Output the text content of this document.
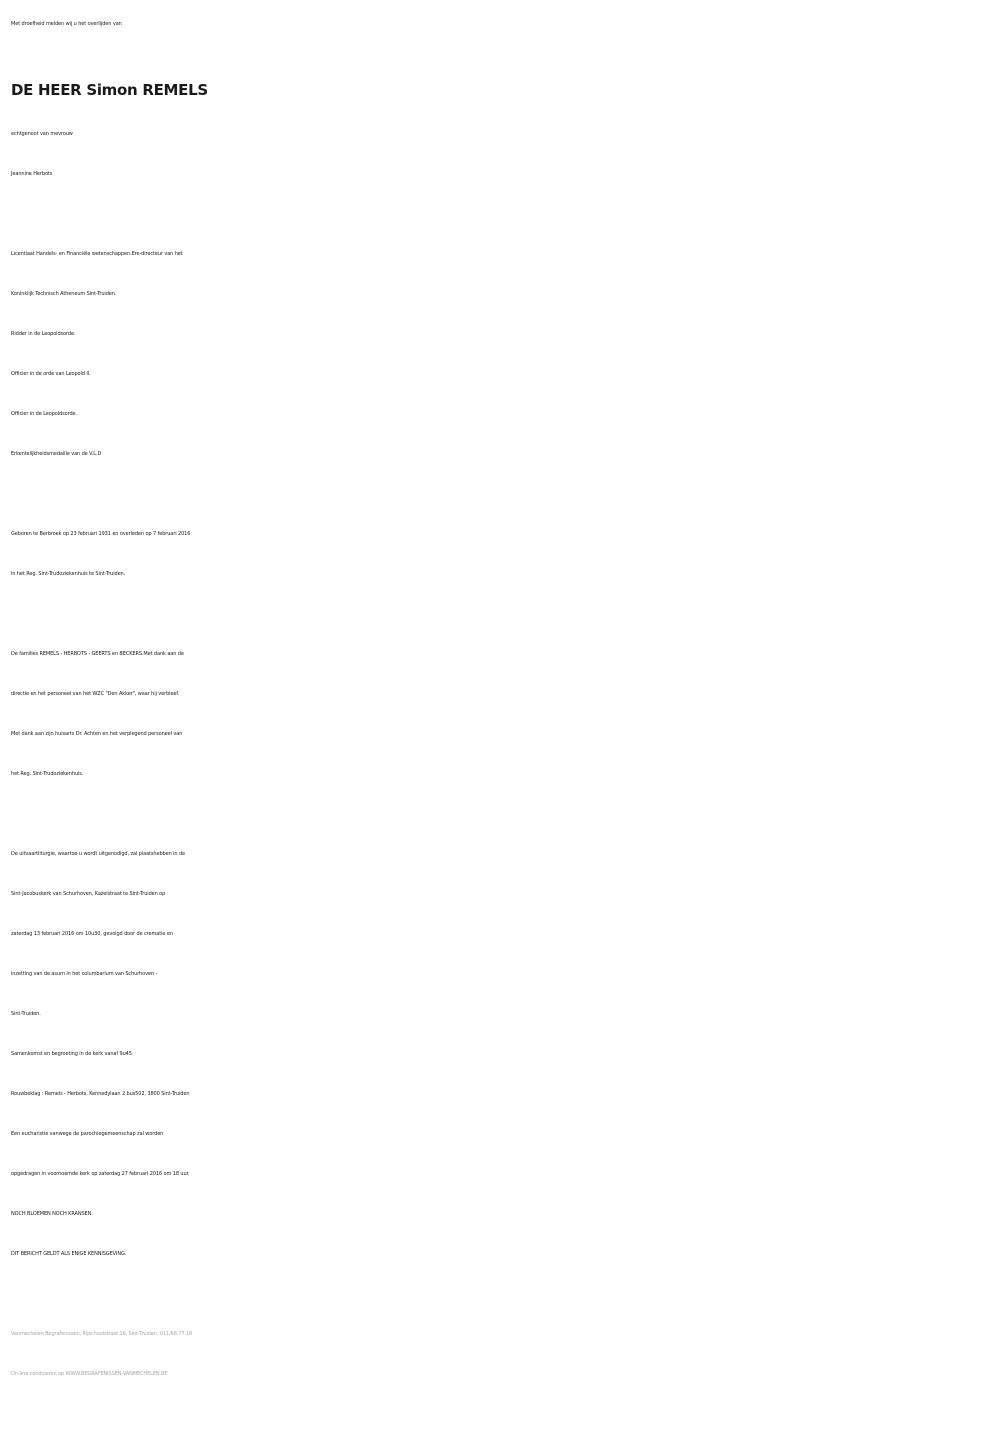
Met droefheid melden wij u het overlijden van
DE HEER Simon REMELS
echtgenoot van mevrouw
Jeannine Herbots
Licentiaat Handels- en Financiële wetenschappen.Ere-directeur van het
Koninklijk Technisch Atheneum Sint-Truiden.
Ridder in de Leopoldsorde.
Officier in de orde van Leopold II.
Officier in de Leopoldsorde.
Erkentelijkheidsmedaille van de V.L.D
Geboren te Berbroek op 23 februari 1931 en overleden op 7 februari 2016
in het Reg. Sint-Trudoziekenhuis te Sint-Truiden.
De families REMELS - HERBOTS - GEERTS en BECKERS.Met dank aan de
directie en het personeel van het WZC "Den Akker", waar hij verbleef.
Met dank aan zijn huisarts Dr. Achten en het verplegend personeel van
het Reg. Sint-Trudoziekenhuis.
De uitvaartliturgie, waartoe u wordt uitgenodigd, zal plaatshebben in de
Sint-Jacobuskerk van Schurhoven, Kazelstraat te Sint-Truiden op
zaterdag 13 februari 2016 om 10u30, gevolgd door de crematie en
inzetting van de asurn in het columbarium van Schurhoven -
Sint-Truiden.
Samenkomst en begroeting in de kerk vanaf 9u45.
Rouwbeklag : Remels - Herbots, Kennedylaan 2 bus502, 3800 Sint-Truiden
Een eucharistie vanwege de parochiegemeenschap zal worden
opgedragen in voornoemde kerk op zaterdag 27 februari 2016 om 18 uur.
NOCH BLOEMEN NOCH KRANSEN.
DIT BERICHT GELDT ALS ENIGE KENNISGEVING.
Vanmechelen Begrafenissen, Rijschoolstraat 16, Sint-Truiden, 011/68.77.18
On-line condoleren op WWW.BEGRAFENISSEN-VANMECHELEN.BE
